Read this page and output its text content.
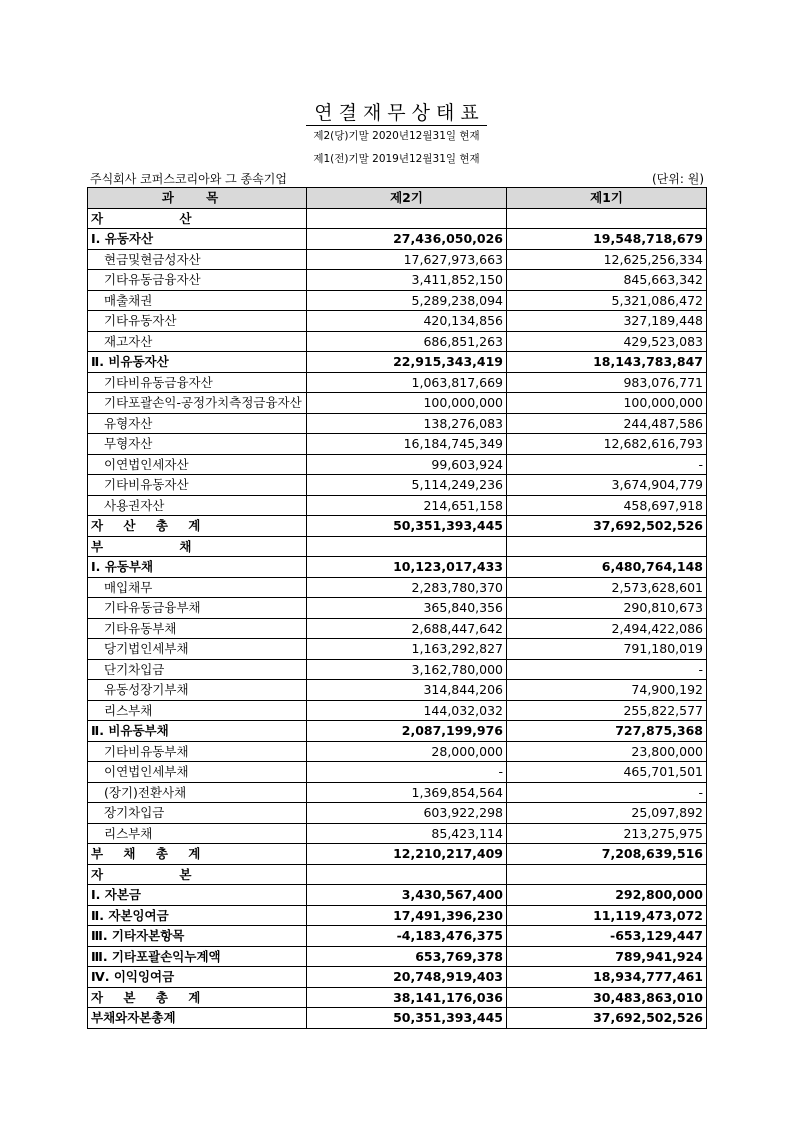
연결재무상태표
제2(당)기말 2020년12월31일 현재
제1(전)기말 2019년12월31일 현재
주식회사 코퍼스코리아와 그 종속기업	(단위: 원)
과 목	제2기	제1기
자 산		
Ⅰ. 유동자산	27,436,050,026	19,548,718,679
현금및현금성자산	17,627,973,663	12,625,256,334
기타유동금융자산	3,411,852,150	845,663,342
매출채권	5,289,238,094	5,321,086,472
기타유동자산	420,134,856	327,189,448
재고자산	686,851,263	429,523,083
Ⅱ. 비유동자산	22,915,343,419	18,143,783,847
기타비유동금융자산	1,063,817,669	983,076,771
기타포괄손익-공정가치측정금융자산	100,000,000	100,000,000
유형자산	138,276,083	244,487,586
무형자산	16,184,745,349	12,682,616,793
이연법인세자산	99,603,924	-
기타비유동자산	5,114,249,236	3,674,904,779
사용권자산	214,651,158	458,697,918
자 산 총 계	50,351,393,445	37,692,502,526
부 채		
Ⅰ. 유동부채	10,123,017,433	6,480,764,148
매입채무	2,283,780,370	2,573,628,601
기타유동금융부채	365,840,356	290,810,673
기타유동부채	2,688,447,642	2,494,422,086
당기법인세부채	1,163,292,827	791,180,019
단기차입금	3,162,780,000	-
유동성장기부채	314,844,206	74,900,192
리스부채	144,032,032	255,822,577
Ⅱ. 비유동부채	2,087,199,976	727,875,368
기타비유동부채	28,000,000	23,800,000
이연법인세부채	-	465,701,501
(장기)전환사채	1,369,854,564	-
장기차입금	603,922,298	25,097,892
리스부채	85,423,114	213,275,975
부 채 총 계	12,210,217,409	7,208,639,516
자 본		
Ⅰ. 자본금	3,430,567,400	292,800,000
Ⅱ. 자본잉여금	17,491,396,230	11,119,473,072
Ⅲ. 기타자본항목	-4,183,476,375	-653,129,447
Ⅲ. 기타포괄손익누계액	653,769,378	789,941,924
Ⅳ. 이익잉여금	20,748,919,403	18,934,777,461
자 본 총 계	38,141,176,036	30,483,863,010
부채와자본총계	50,351,393,445	37,692,502,526
